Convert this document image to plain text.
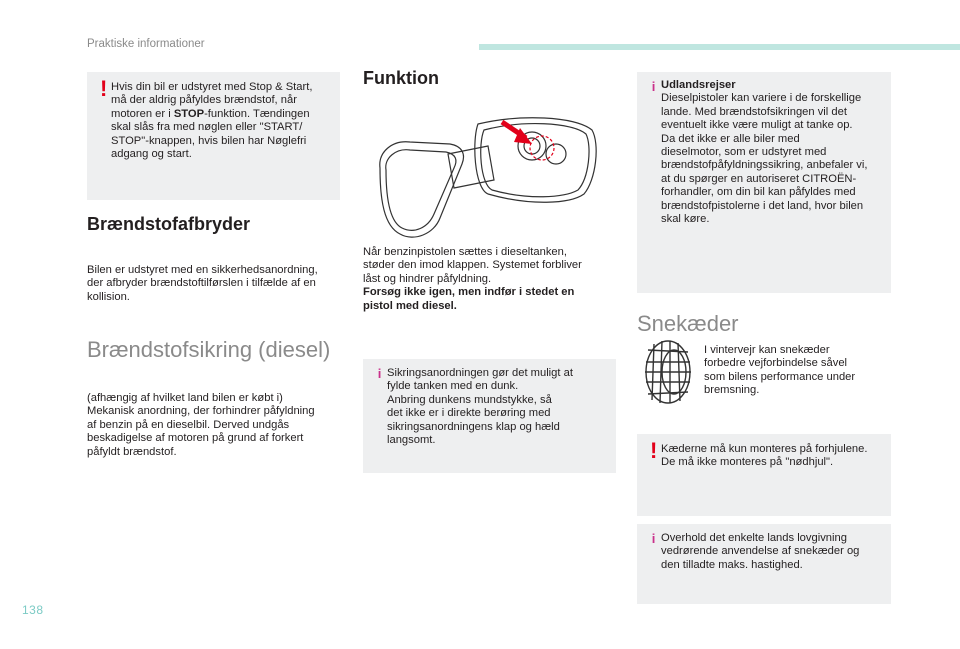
Praktiske informationer
! Hvis din bil er udstyret med Stop & Start,
må der aldrig påfyldes brændstof, når
motoren er i STOP-funktion. Tændingen
skal slås fra med nøglen eller "START/
STOP"-knappen, hvis bilen har Nøglefri
adgang og start.

Brændstofafbryder

Bilen er udstyret med en sikkerhedsanordning,
der afbryder brændstoftilførslen i tilfælde af en
kollision.

Brændstofsikring (diesel)

(afhængig af hvilket land bilen er købt i)
Mekanisk anordning, der forhindrer påfyldning
af benzin på en dieselbil. Derved undgås
beskadigelse af motoren på grund af forkert
påfyldt brændstof.

Funktion

Når benzinpistolen sættes i dieseltanken,
støder den imod klappen. Systemet forbliver
låst og hindrer påfyldning.
Forsøg ikke igen, men indfør i stedet en
pistol med diesel.

i Sikringsanordningen gør det muligt at
fylde tanken med en dunk.
Anbring dunkens mundstykke, så
det ikke er i direkte berøring med
sikringsanordningens klap og hæld
langsomt.

i Udlandsrejser
Dieselpistoler kan variere i de forskellige
lande. Med brændstofsikringen vil det
eventuelt ikke være muligt at tanke op.
Da det ikke er alle biler med
dieselmotor, som er udstyret med
brændstofpåfyldningssikring, anbefaler vi,
at du spørger en autoriseret CITROËN-
forhandler, om din bil kan påfyldes med
brændstofpistolerne i det land, hvor bilen
skal køre.

Snekæder

I vintervejr kan snekæder
forbedre vejforbindelse såvel
som bilens performance under
bremsning.

! Kæderne må kun monteres på forhjulene.
De må ikke monteres på "nødhjul".

i Overhold det enkelte lands lovgivning
vedrørende anvendelse af snekæder og
den tilladte maks. hastighed.

138
